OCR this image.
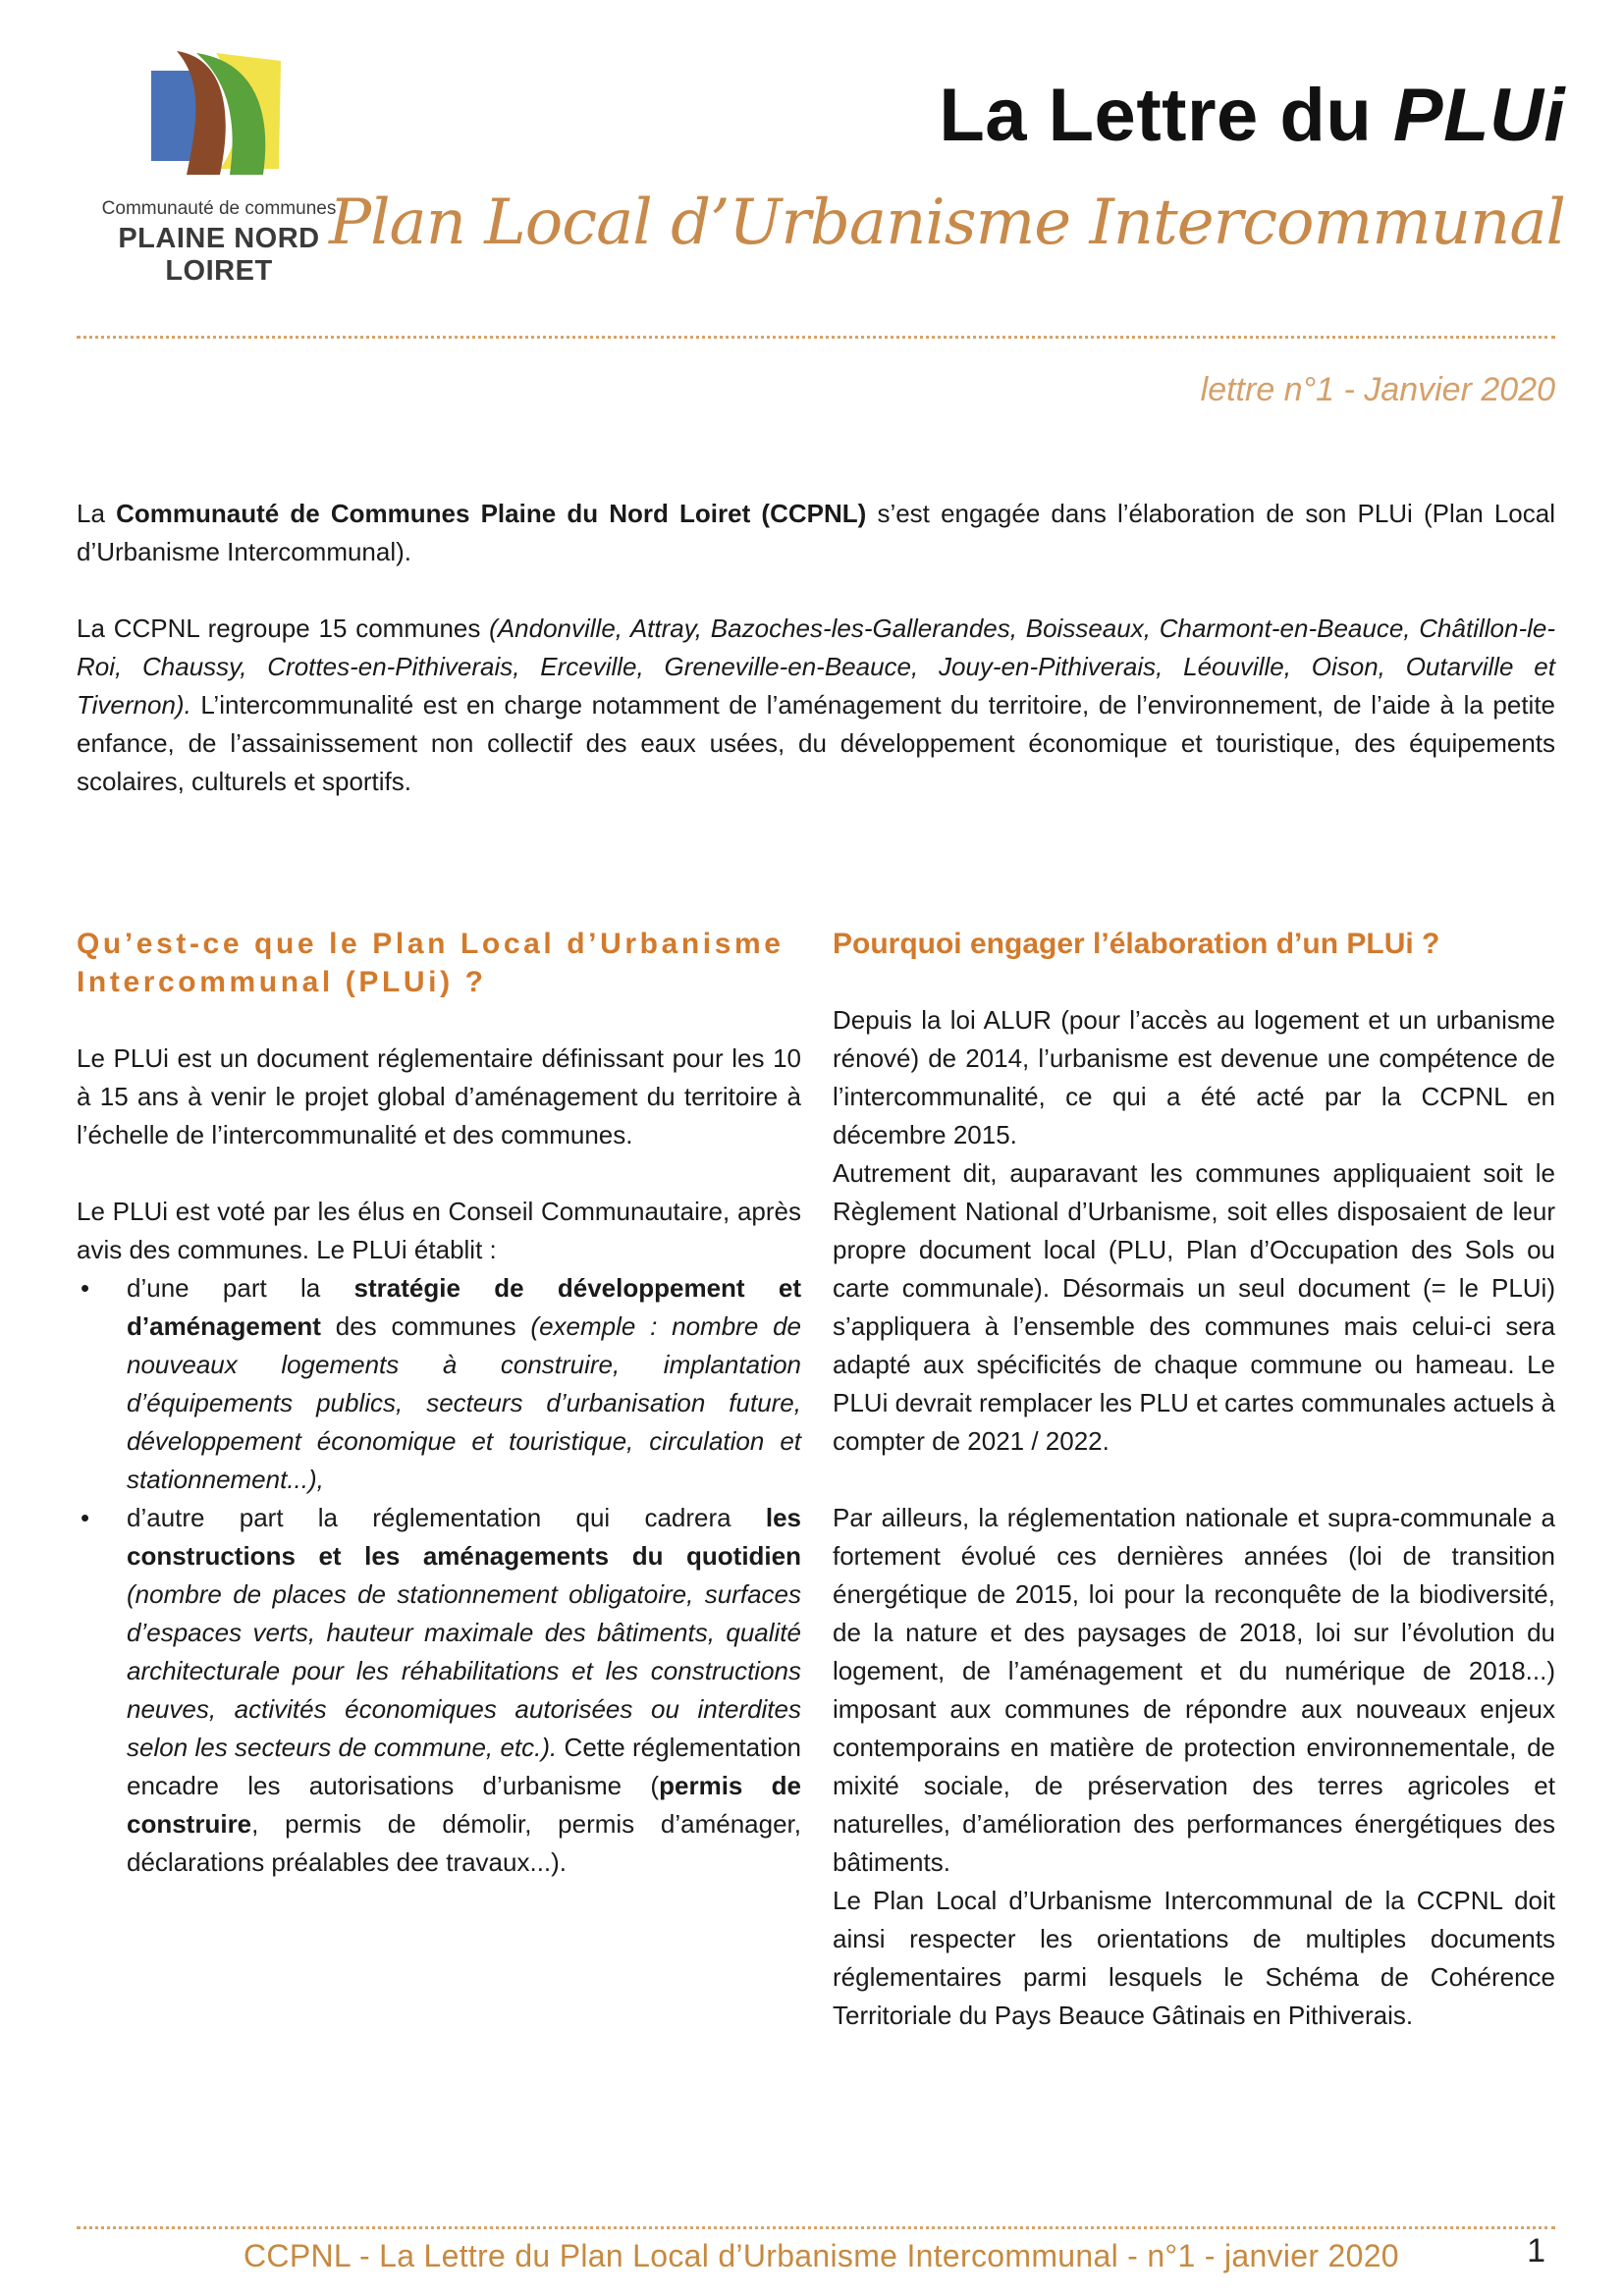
Communauté de communes
PLAINE NORD LOIRET
La Lettre du PLUi
Plan Local d’Urbanisme Intercommunal
lettre n°1 - Janvier 2020

La Communauté de Communes Plaine du Nord Loiret (CCPNL) s’est engagée dans l’élaboration de son PLUi (Plan Local d’Urbanisme Intercommunal).

La CCPNL regroupe 15 communes (Andonville, Attray, Bazoches-les-Gallerandes, Boisseaux, Charmont-en-Beauce, Châtillon-le-Roi, Chaussy, Crottes-en-Pithiverais, Erceville, Greneville-en-Beauce, Jouy-en-Pithiverais, Léouville, Oison, Outarville et Tivernon). L’intercommunalité est en charge notamment de l’aménagement du territoire, de l’environnement, de l’aide à la petite enfance, de l’assainissement non collectif des eaux usées, du développement économique et touristique, des équipements scolaires, culturels et sportifs.

Qu’est-ce que le Plan Local d’Urbanisme Intercommunal (PLUi) ?

Le PLUi est un document réglementaire définissant pour les 10 à 15 ans à venir le projet global d’aménagement du territoire à l’échelle de l’intercommunalité et des communes.

Le PLUi est voté par les élus en Conseil Communautaire, après avis des communes. Le PLUi établit :

• d’une part la stratégie de développement et d’aménagement des communes (exemple : nombre de nouveaux logements à construire, implantation d’équipements publics, secteurs d’urbanisation future, développement économique et touristique, circulation et stationnement...),
• d’autre part la réglementation qui cadrera les constructions et les aménagements du quotidien (nombre de places de stationnement obligatoire, surfaces d’espaces verts, hauteur maximale des bâtiments, qualité architecturale pour les réhabilitations et les constructions neuves, activités économiques autorisées ou interdites selon les secteurs de commune, etc.). Cette réglementation encadre les autorisations d’urbanisme (permis de construire, permis de démolir, permis d’aménager, déclarations préalables dee travaux...).
Pourquoi engager l’élaboration d’un PLUi ?

Depuis la loi ALUR (pour l’accès au logement et un urbanisme rénové) de 2014, l’urbanisme est devenue une compétence de l’intercommunalité, ce qui a été acté par la CCPNL en décembre 2015.

Autrement dit, auparavant les communes appliquaient soit le Règlement National d’Urbanisme, soit elles disposaient de leur propre document local (PLU, Plan d’Occupation des Sols ou carte communale). Désormais un seul document (= le PLUi) s’appliquera à l’ensemble des communes mais celui-ci sera adapté aux spécificités de chaque commune ou hameau. Le PLUi devrait remplacer les PLU et cartes communales actuels à compter de 2021 / 2022.

Par ailleurs, la réglementation nationale et supra-communale a fortement évolué ces dernières années (loi de transition énergétique de 2015, loi pour la reconquête de la biodiversité, de la nature et des paysages de 2018, loi sur l’évolution du logement, de l’aménagement et du numérique de 2018...) imposant aux communes de répondre aux nouveaux enjeux contemporains en matière de protection environnementale, de mixité sociale, de préservation des terres agricoles et naturelles, d’amélioration des performances énergétiques des bâtiments.

Le Plan Local d’Urbanisme Intercommunal de la CCPNL doit ainsi respecter les orientations de multiples documents réglementaires parmi lesquels le Schéma de Cohérence Territoriale du Pays Beauce Gâtinais en Pithiverais.

CCPNL - La Lettre du Plan Local d’Urbanisme Intercommunal - n°1 - janvier 2020	1
